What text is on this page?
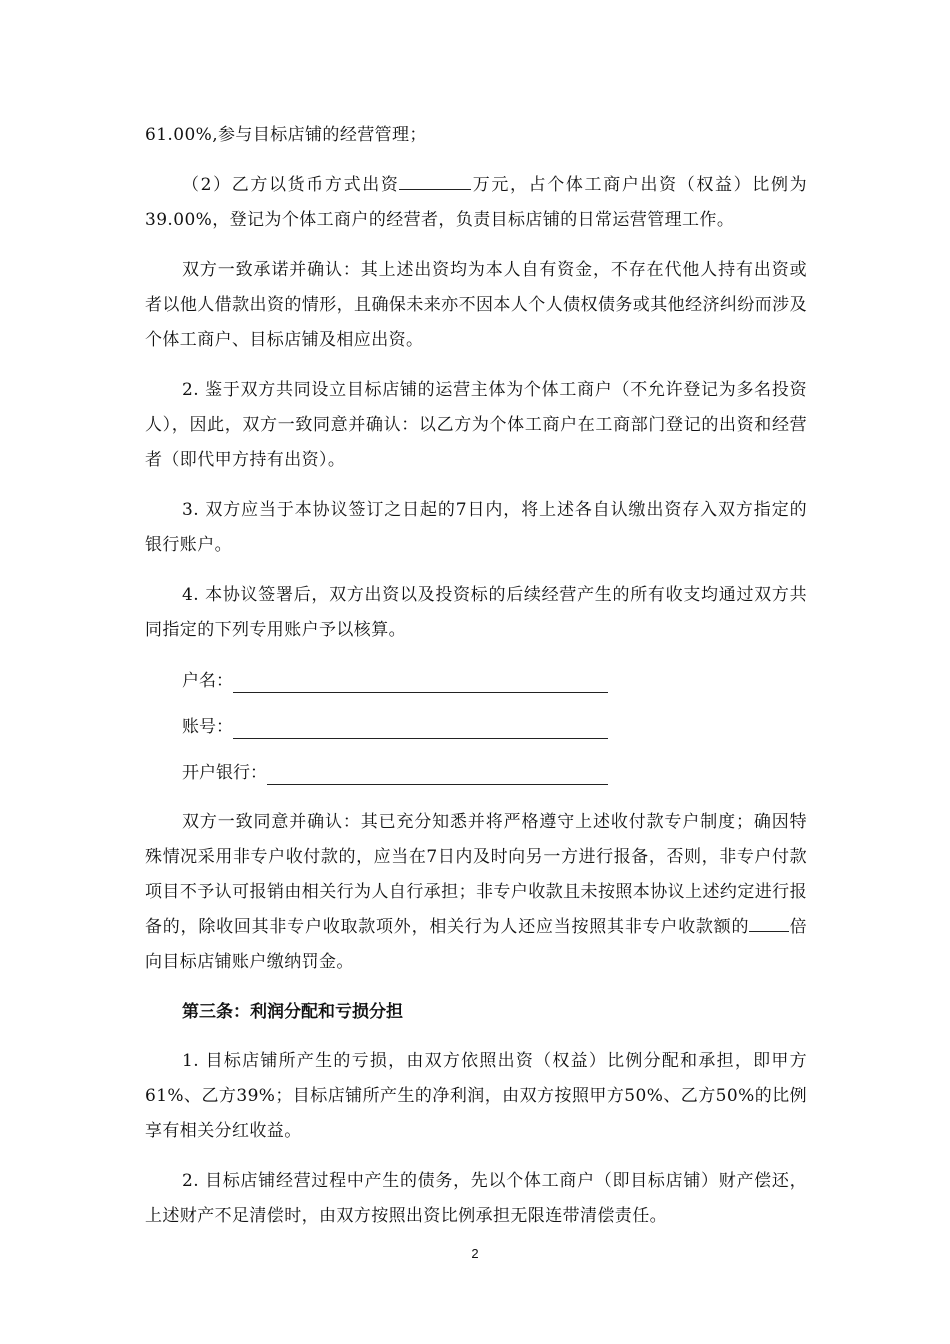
61.00%,参与目标店铺的经营管理；

（2）乙方以货币方式出资	万元，占个体工商户出资（权益）比例为39.00%，登记为个体工商户的经营者，负责目标店铺的日常运营管理工作。

双方一致承诺并确认：其上述出资均为本人自有资金，不存在代他人持有出资或者以他人借款出资的情形，且确保未来亦不因本人个人债权债务或其他经济纠纷而涉及个体工商户、目标店铺及相应出资。

2. 鉴于双方共同设立目标店铺的运营主体为个体工商户（不允许登记为多名投资人），因此，双方一致同意并确认：以乙方为个体工商户在工商部门登记的出资和经营者（即代甲方持有出资）。

3. 双方应当于本协议签订之日起的7日内，将上述各自认缴出资存入双方指定的银行账户。

4. 本协议签署后，双方出资以及投资标的后续经营产生的所有收支均通过双方共同指定的下列专用账户予以核算。

户名：
账号：
开户银行：

双方一致同意并确认：其已充分知悉并将严格遵守上述收付款专户制度；确因特殊情况采用非专户收付款的，应当在7日内及时向另一方进行报备，否则，非专户付款项目不予认可报销由相关行为人自行承担；非专户收款且未按照本协议上述约定进行报备的，除收回其非专户收取款项外，相关行为人还应当按照其非专户收款额的 倍向目标店铺账户缴纳罚金。

第三条：利润分配和亏损分担

1. 目标店铺所产生的亏损，由双方依照出资（权益）比例分配和承担，即甲方61%、乙方39%；目标店铺所产生的净利润，由双方按照甲方50%、乙方50%的比例享有相关分红收益。

2. 目标店铺经营过程中产生的债务，先以个体工商户（即目标店铺）财产偿还，上述财产不足清偿时，由双方按照出资比例承担无限连带清偿责任。

2
